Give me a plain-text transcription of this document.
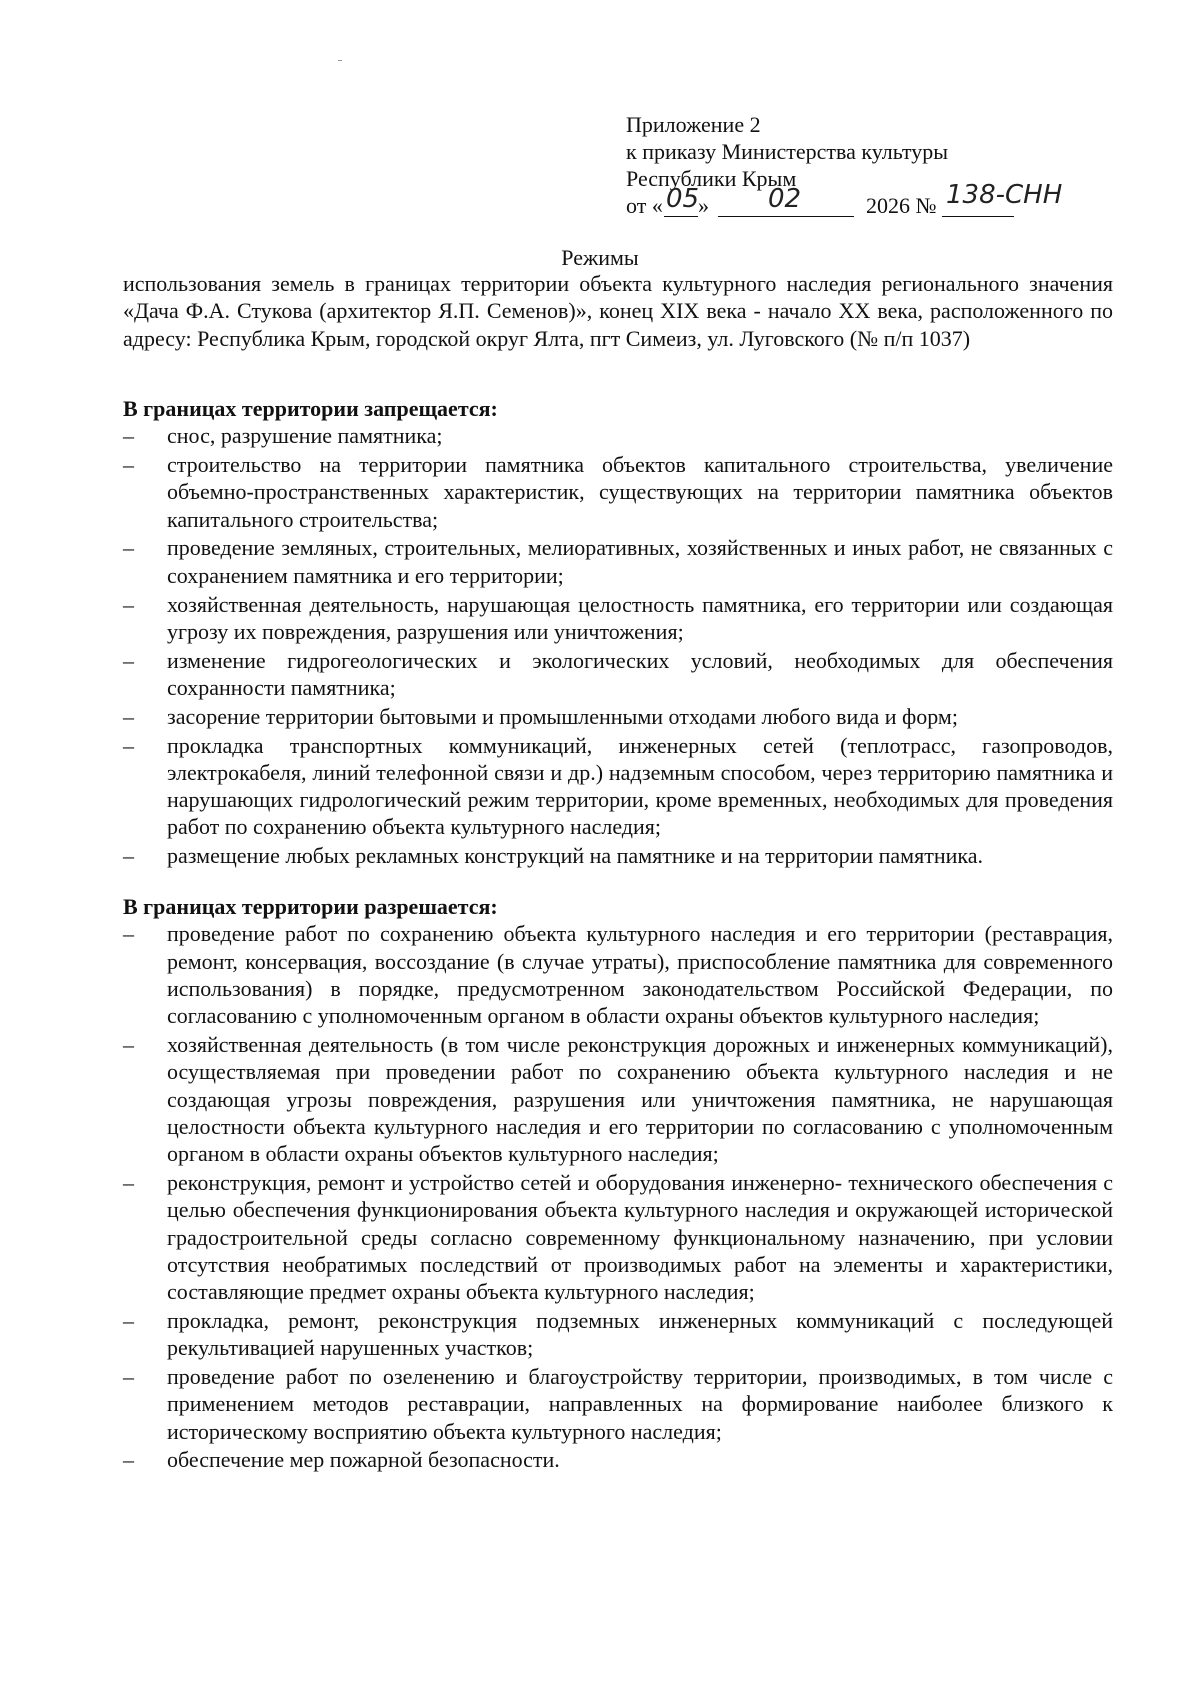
Приложение 2
к приказу Министерства культуры
Республики Крым
от « 05
» 02	2026 № 138-СНН
Режимы

использования земель в границах территории объекта культурного наследия регионального значения «Дача Ф.А. Стукова (архитектор Я.П. Семенов)», конец XIX века - начало XX века, расположенного по адресу: Республика Крым, городской округ Ялта, пгт Симеиз, ул. Луговского (№ п/п 1037)

В границах территории запрещается:

– снос, разрушение памятника;
– строительство на территории памятника объектов капитального строительства, увеличение объемно-пространственных характеристик, существующих на территории памятника объектов капитального строительства;
– проведение земляных, строительных, мелиоративных, хозяйственных и иных работ, не связанных с сохранением памятника и его территории;
– хозяйственная деятельность, нарушающая целостность памятника, его территории или создающая угрозу их повреждения, разрушения или уничтожения;
– изменение гидрогеологических и экологических условий, необходимых для обеспечения сохранности памятника;
– засорение территории бытовыми и промышленными отходами любого вида и форм;
– прокладка транспортных коммуникаций, инженерных сетей (теплотрасс, газопроводов, электрокабеля, линий телефонной связи и др.) надземным способом, через территорию памятника и нарушающих гидрологический режим территории, кроме временных, необходимых для проведения работ по сохранению объекта культурного наследия;
– размещение любых рекламных конструкций на памятнике и на территории памятника.

В границах территории разрешается:

– проведение работ по сохранению объекта культурного наследия и его территории (реставрация, ремонт, консервация, воссоздание (в случае утраты), приспособление памятника для современного использования) в порядке, предусмотренном законодательством Российской Федерации, по согласованию с уполномоченным органом в области охраны объектов культурного наследия;
– хозяйственная деятельность (в том числе реконструкция дорожных и инженерных коммуникаций), осуществляемая при проведении работ по сохранению объекта культурного наследия и не создающая угрозы повреждения, разрушения или уничтожения памятника, не нарушающая целостности объекта культурного наследия и его территории по согласованию с уполномоченным органом в области охраны объектов культурного наследия;
– реконструкция, ремонт и устройство сетей и оборудования инженерно- технического обеспечения с целью обеспечения функционирования объекта культурного наследия и окружающей исторической градостроительной среды согласно современному функциональному назначению, при условии отсутствия необратимых последствий от производимых работ на элементы и характеристики, составляющие предмет охраны объекта культурного наследия;
– прокладка, ремонт, реконструкция подземных инженерных коммуникаций с последующей рекультивацией нарушенных участков;
– проведение работ по озеленению и благоустройству территории, производимых, в том числе с применением методов реставрации, направленных на формирование наиболее близкого к историческому восприятию объекта культурного наследия;
– обеспечение мер пожарной безопасности.
